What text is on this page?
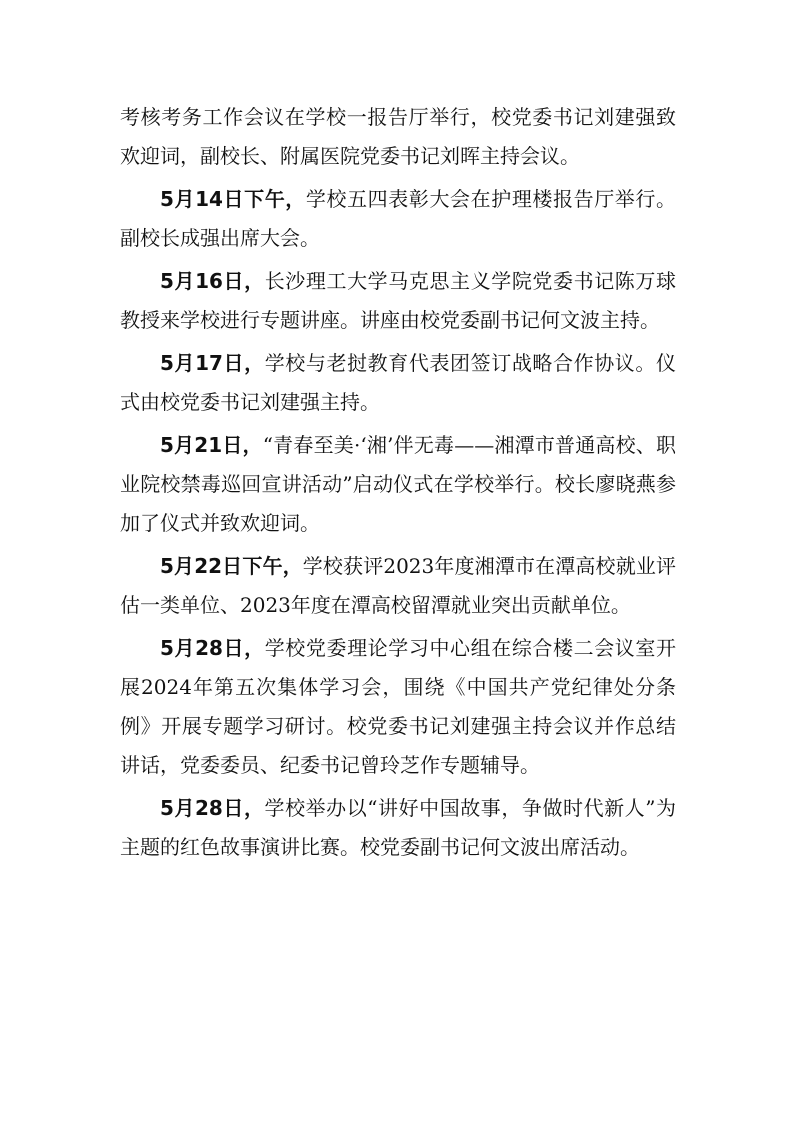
考核考务工作会议在学校一报告厅举行，校党委书记刘建强致欢迎词，副校长、附属医院党委书记刘晖主持会议。

5月14日下午，学校五四表彰大会在护理楼报告厅举行。副校长成强出席大会。

5月16日，长沙理工大学马克思主义学院党委书记陈万球教授来学校进行专题讲座。讲座由校党委副书记何文波主持。

5月17日，学校与老挝教育代表团签订战略合作协议。仪式由校党委书记刘建强主持。

5月21日，“青春至美·‘湘’伴无毒——湘潭市普通高校、职业院校禁毒巡回宣讲活动”启动仪式在学校举行。校长廖晓燕参加了仪式并致欢迎词。

5月22日下午，学校获评2023年度湘潭市在潭高校就业评估一类单位、2023年度在潭高校留潭就业突出贡献单位。

5月28日，学校党委理论学习中心组在综合楼二会议室开展2024年第五次集体学习会，围绕《中国共产党纪律处分条例》开展专题学习研讨。校党委书记刘建强主持会议并作总结讲话，党委委员、纪委书记曾玲芝作专题辅导。

5月28日，学校举办以“讲好中国故事，争做时代新人”为主题的红色故事演讲比赛。校党委副书记何文波出席活动。
